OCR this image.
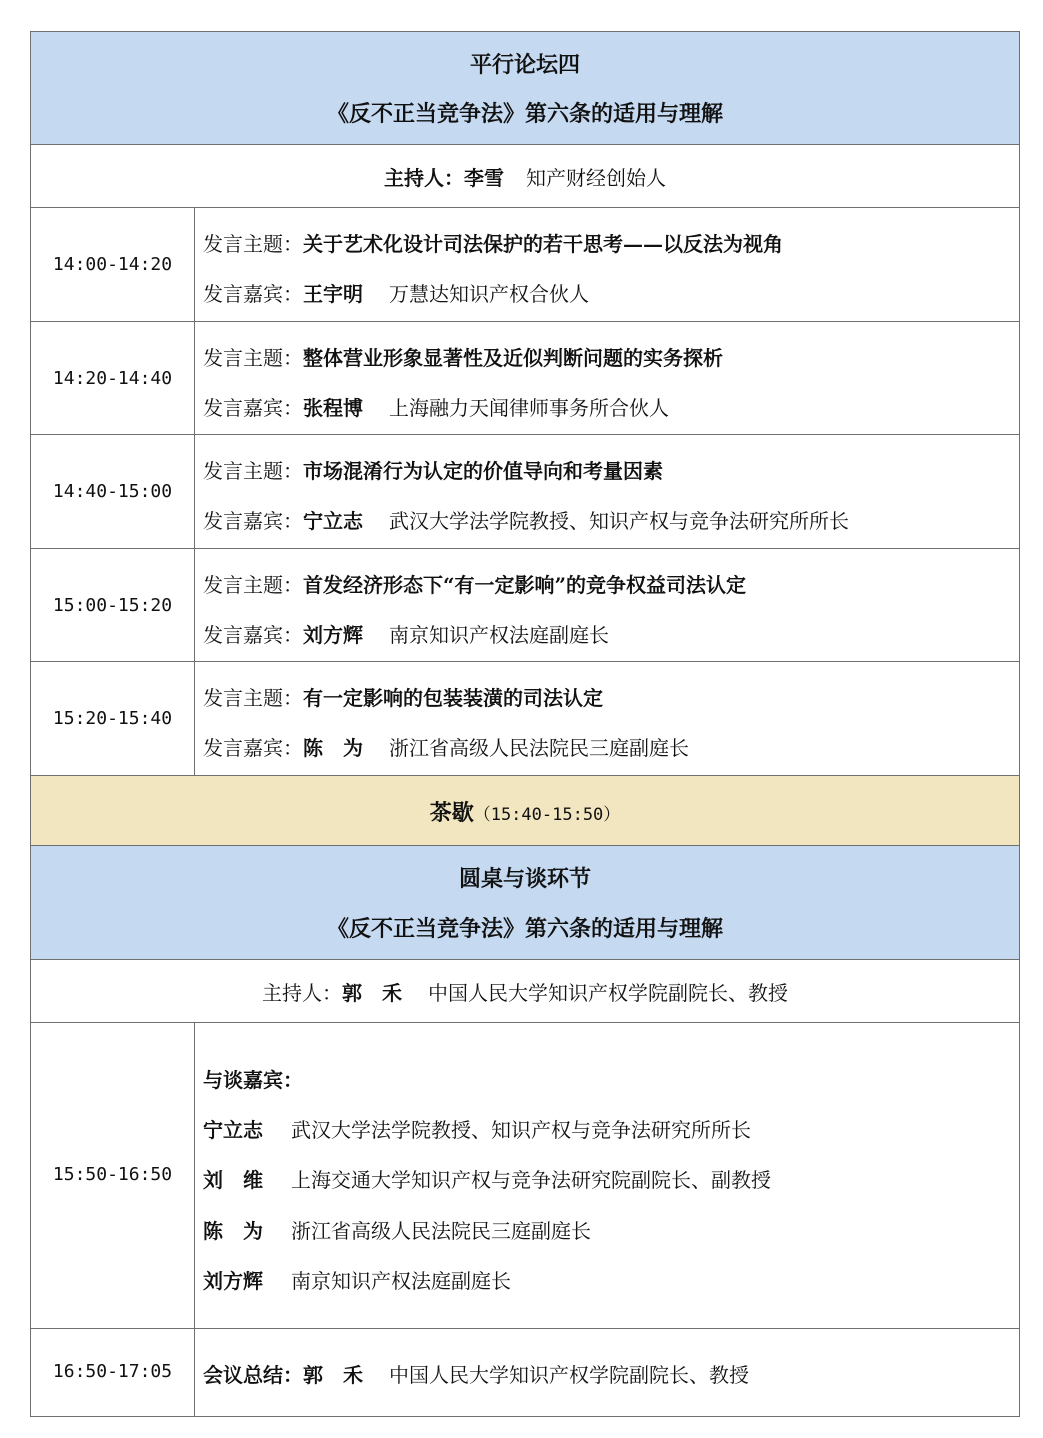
平行论坛四
《反不正当竞争法》第六条的适用与理解
主持人：李雪 知产财经创始人
14:00-14:20
发言主题：关于艺术化设计司法保护的若干思考——以反法为视角
发言嘉宾：王宇明 万慧达知识产权合伙人
14:20-14:40
发言主题：整体营业形象显著性及近似判断问题的实务探析
发言嘉宾：张程博 上海融力天闻律师事务所合伙人
14:40-15:00
发言主题：市场混淆行为认定的价值导向和考量因素
发言嘉宾：宁立志 武汉大学法学院教授、知识产权与竞争法研究所所长
15:00-15:20
发言主题：首发经济形态下“有一定影响”的竞争权益司法认定
发言嘉宾：刘方辉 南京知识产权法庭副庭长
15:20-15:40
发言主题：有一定影响的包装装潢的司法认定
发言嘉宾：陈　为 浙江省高级人民法院民三庭副庭长
茶歇（15:40-15:50）
圆桌与谈环节
《反不正当竞争法》第六条的适用与理解
主持人：郭　禾 中国人民大学知识产权学院副院长、教授
15:50-16:50
与谈嘉宾：
宁立志 武汉大学法学院教授、知识产权与竞争法研究所所长
刘　维 上海交通大学知识产权与竞争法研究院副院长、副教授
陈　为 浙江省高级人民法院民三庭副庭长
刘方辉 南京知识产权法庭副庭长
16:50-17:05	会议总结：郭　禾 中国人民大学知识产权学院副院长、教授
